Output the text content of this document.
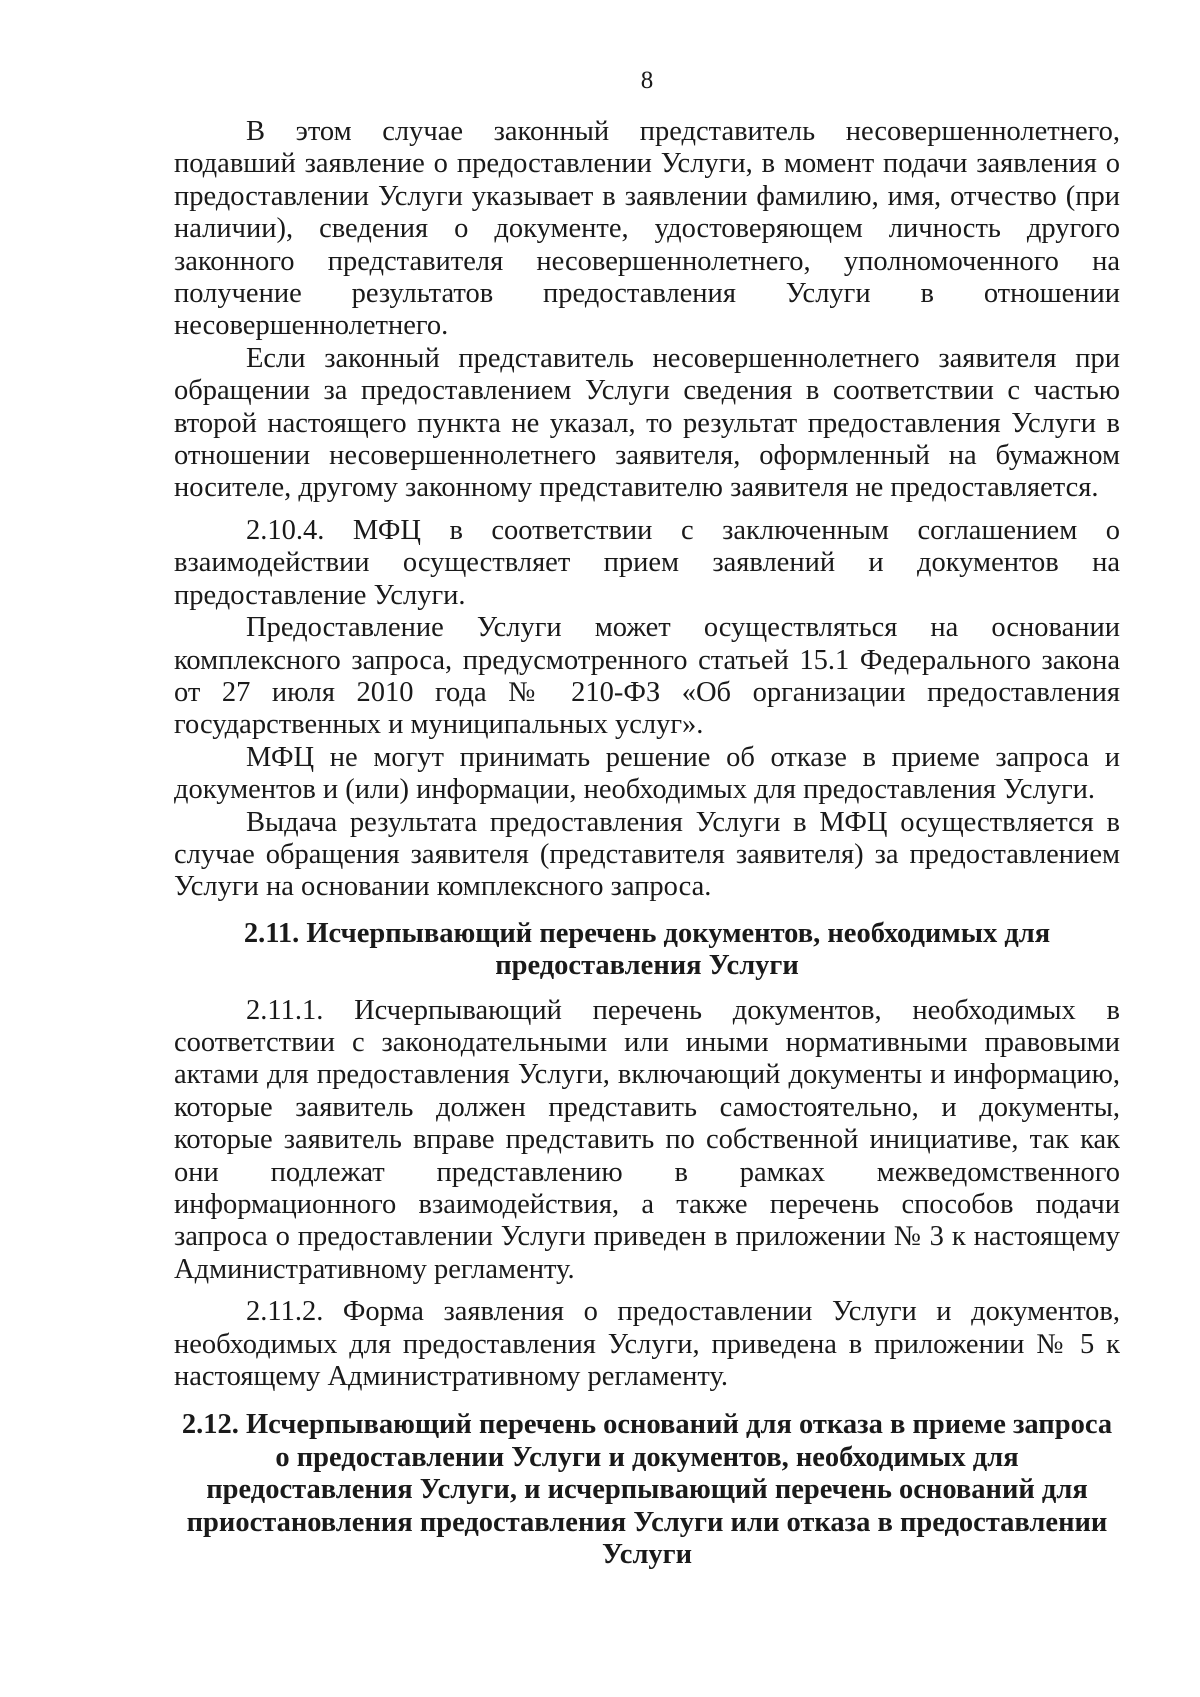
8

В этом случае законный представитель несовершеннолетнего, подавший заявление о предоставлении Услуги, в момент подачи заявления о предоставлении Услуги указывает в заявлении фамилию, имя, отчество (при наличии), сведения о документе, удостоверяющем личность другого законного представителя несовершеннолетнего, уполномоченного на получение результатов предоставления Услуги в отношении несовершеннолетнего.

Если законный представитель несовершеннолетнего заявителя при обращении за предоставлением Услуги сведения в соответствии с частью второй настоящего пункта не указал, то результат предоставления Услуги в отношении несовершеннолетнего заявителя, оформленный на бумажном носителе, другому законному представителю заявителя не предоставляется.

2.10.4. МФЦ в соответствии с заключенным соглашением о взаимодействии осуществляет прием заявлений и документов на предоставление Услуги.

Предоставление Услуги может осуществляться на основании комплексного запроса, предусмотренного статьей 15.1 Федерального закона от 27 июля 2010 года № 210-ФЗ «Об организации предоставления государственных и муниципальных услуг».

МФЦ не могут принимать решение об отказе в приеме запроса и документов и (или) информации, необходимых для предоставления Услуги.

Выдача результата предоставления Услуги в МФЦ осуществляется в случае обращения заявителя (представителя заявителя) за предоставлением Услуги на основании комплексного запроса.

2.11. Исчерпывающий перечень документов, необходимых для
предоставления Услуги

2.11.1. Исчерпывающий перечень документов, необходимых в соответствии с законодательными или иными нормативными правовыми актами для предоставления Услуги, включающий документы и информацию, которые заявитель должен представить самостоятельно, и документы, которые заявитель вправе представить по собственной инициативе, так как они подлежат представлению в рамках межведомственного информационного взаимодействия, а также перечень способов подачи запроса о предоставлении Услуги приведен в приложении № 3 к настоящему Административному регламенту.

2.11.2. Форма заявления о предоставлении Услуги и документов, необходимых для предоставления Услуги, приведена в приложении № 5 к настоящему Административному регламенту.

2.12. Исчерпывающий перечень оснований для отказа в приеме запроса
о предоставлении Услуги и документов, необходимых для
предоставления Услуги, и исчерпывающий перечень оснований для
приостановления предоставления Услуги или отказа в предоставлении
Услуги
